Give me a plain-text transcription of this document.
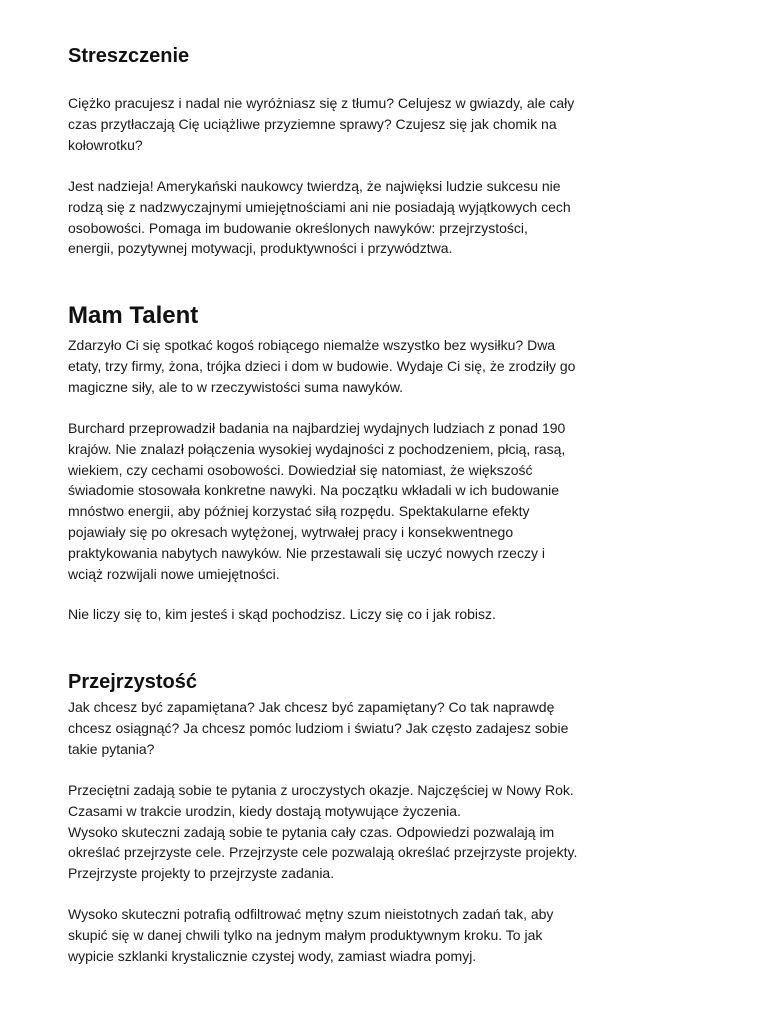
Streszczenie

Ciężko pracujesz i nadal nie wyróżniasz się z tłumu? Celujesz w gwiazdy, ale cały
czas przytłaczają Cię uciążliwe przyziemne sprawy? Czujesz się jak chomik na
kołowrotku?

Jest nadzieja! Amerykański naukowcy twierdzą, że najwięksi ludzie sukcesu nie
rodzą się z nadzwyczajnymi umiejętnościami ani nie posiadają wyjątkowych cech
osobowości. Pomaga im budowanie określonych nawyków: przejrzystości,
energii, pozytywnej motywacji, produktywności i przywództwa.

Mam Talent

Zdarzyło Ci się spotkać kogoś robiącego niemalże wszystko bez wysiłku? Dwa
etaty, trzy firmy, żona, trójka dzieci i dom w budowie. Wydaje Ci się, że zrodziły go
magiczne siły, ale to w rzeczywistości suma nawyków.

Burchard przeprowadził badania na najbardziej wydajnych ludziach z ponad 190
krajów. Nie znalazł połączenia wysokiej wydajności z pochodzeniem, płcią, rasą,
wiekiem, czy cechami osobowości. Dowiedział się natomiast, że większość
świadomie stosowała konkretne nawyki. Na początku wkładali w ich budowanie
mnóstwo energii, aby później korzystać siłą rozpędu. Spektakularne efekty
pojawiały się po okresach wytężonej, wytrwałej pracy i konsekwentnego
praktykowania nabytych nawyków. Nie przestawali się uczyć nowych rzeczy i
wciąż rozwijali nowe umiejętności.

Nie liczy się to, kim jesteś i skąd pochodzisz. Liczy się co i jak robisz.

Przejrzystość

Jak chcesz być zapamiętana? Jak chcesz być zapamiętany? Co tak naprawdę
chcesz osiągnąć? Ja chcesz pomóc ludziom i światu? Jak często zadajesz sobie
takie pytania?

Przeciętni zadają sobie te pytania z uroczystych okazje. Najczęściej w Nowy Rok.
Czasami w trakcie urodzin, kiedy dostają motywujące życzenia.
Wysoko skuteczni zadają sobie te pytania cały czas. Odpowiedzi pozwalają im
określać przejrzyste cele. Przejrzyste cele pozwalają określać przejrzyste projekty.
Przejrzyste projekty to przejrzyste zadania.

Wysoko skuteczni potrafią odfiltrować mętny szum nieistotnych zadań tak, aby
skupić się w danej chwili tylko na jednym małym produktywnym kroku. To jak
wypicie szklanki krystalicznie czystej wody, zamiast wiadra pomyj.
